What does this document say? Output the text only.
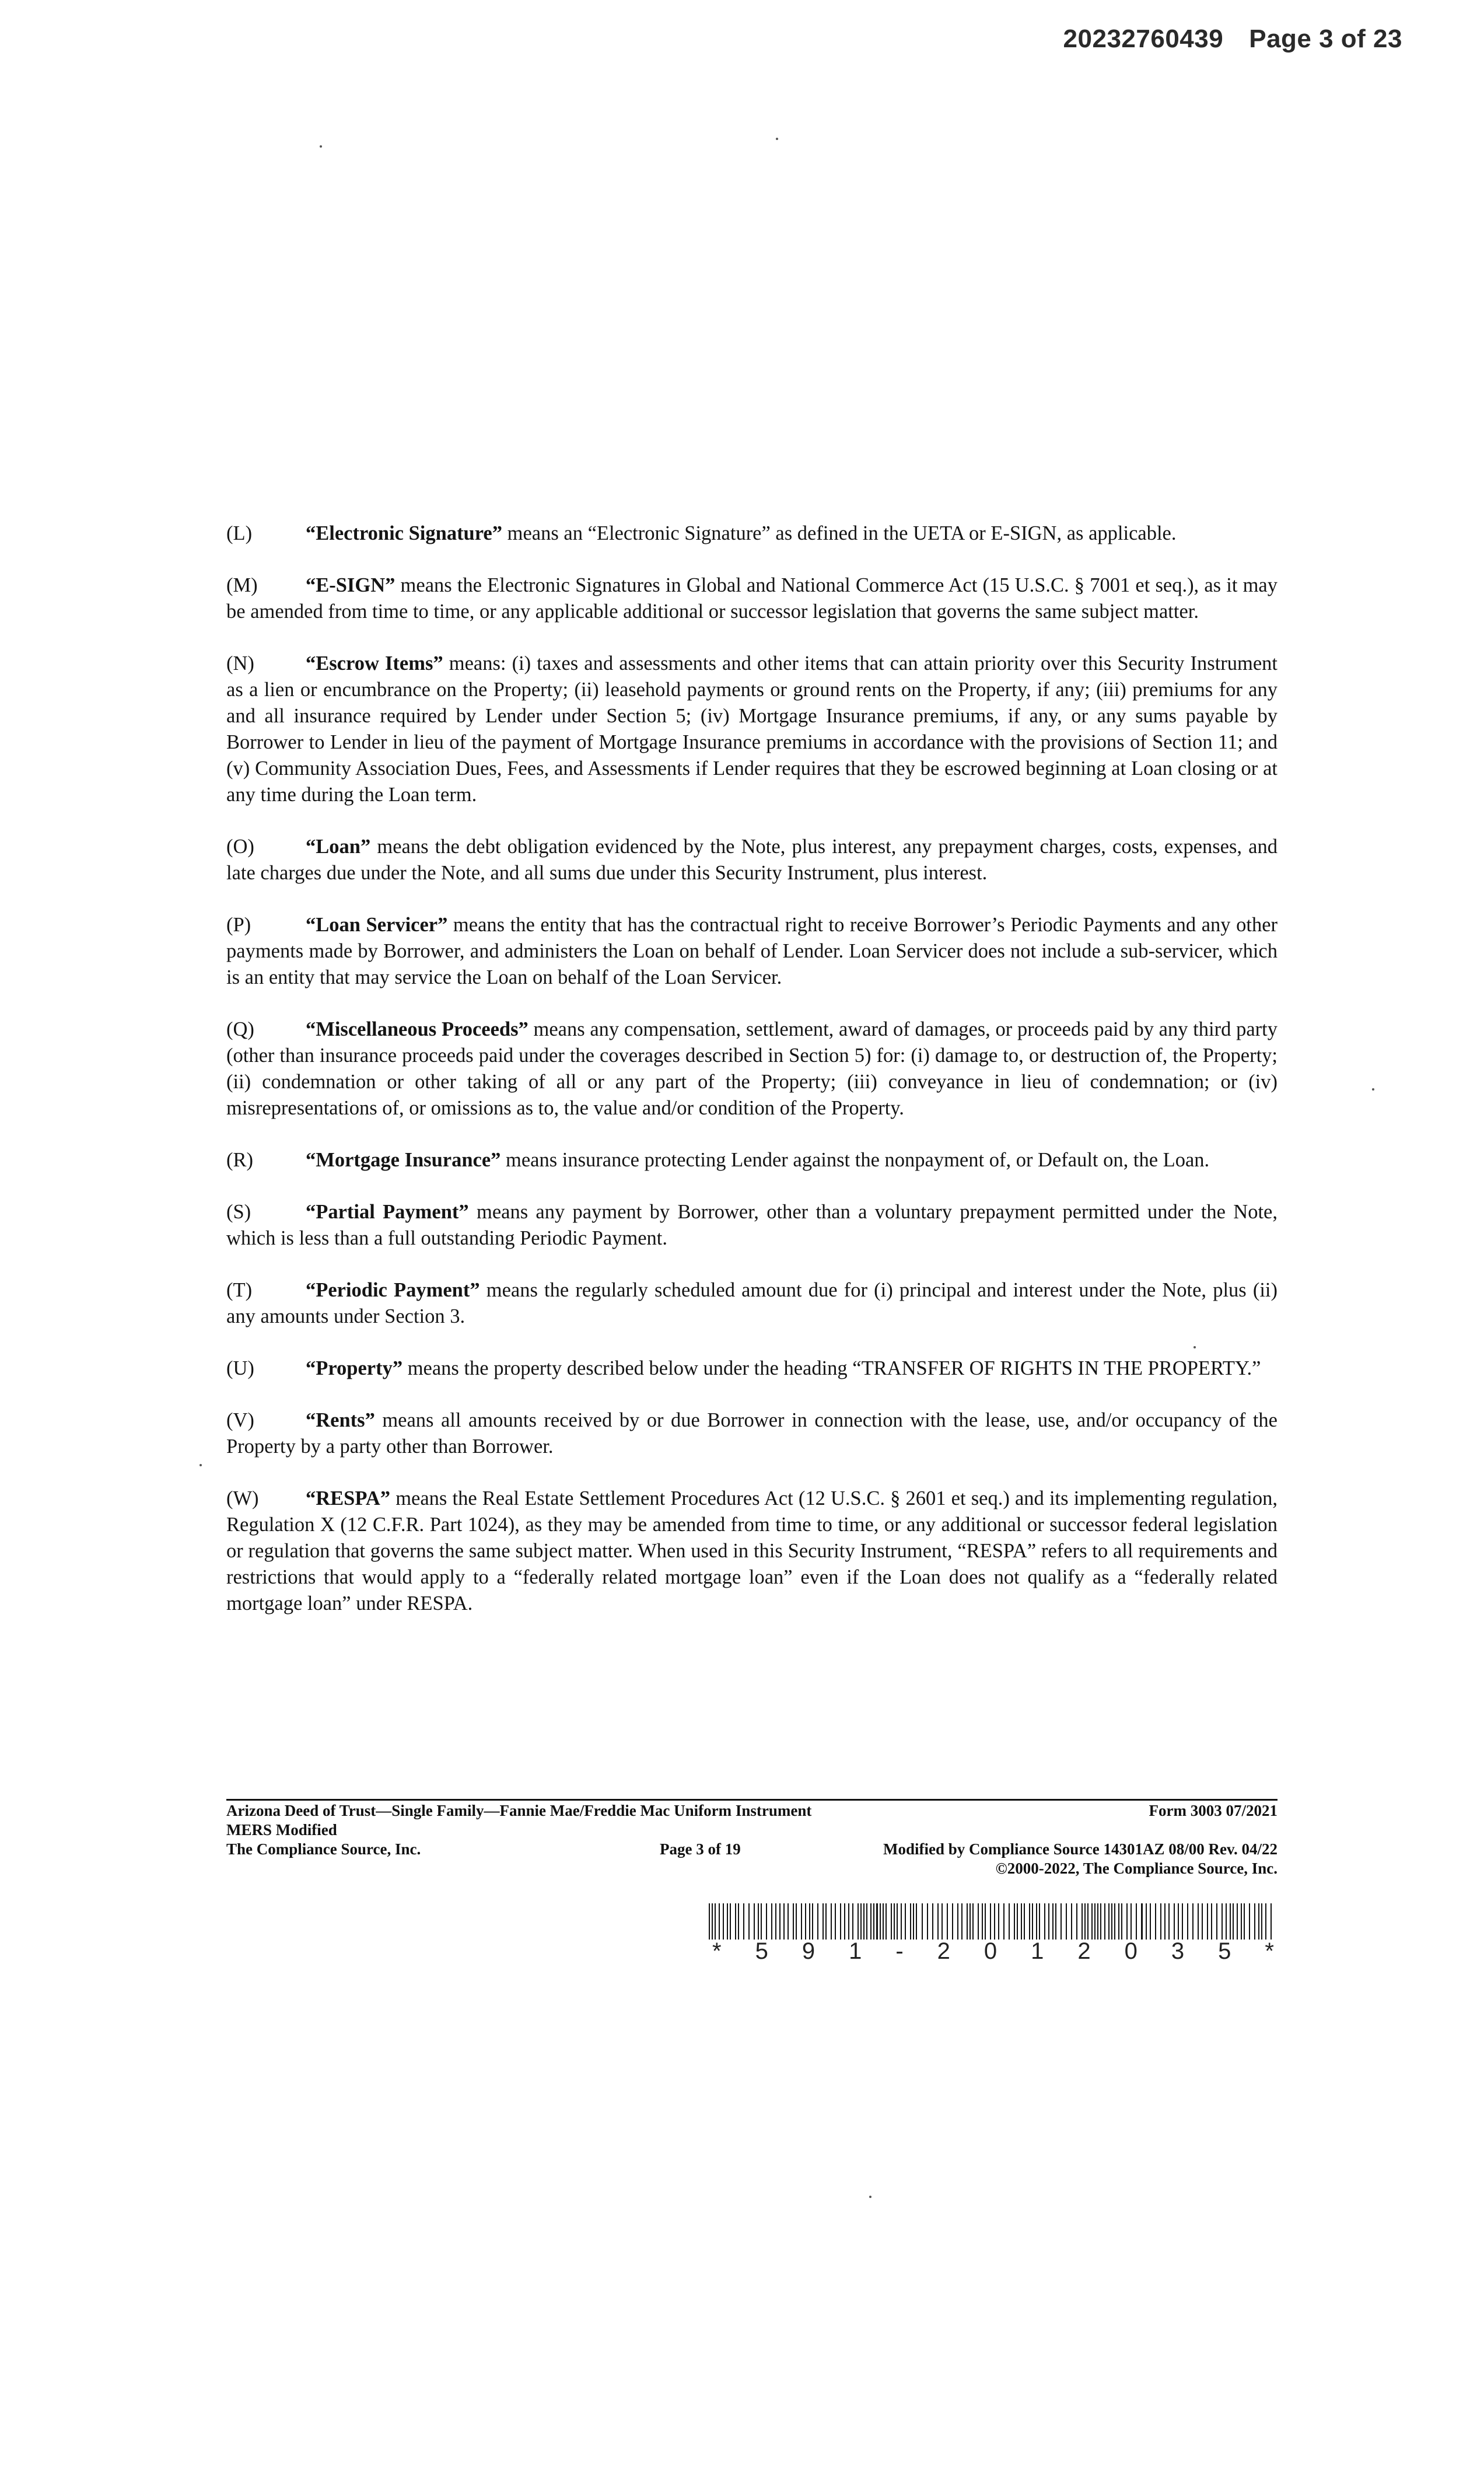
20232760439 Page 3 of 23

(L)	“Electronic Signature” means an “Electronic Signature” as defined in the UETA or E-SIGN, as applicable.

(M) “E-SIGN” means the Electronic Signatures in Global and National Commerce Act (15 U.S.C. § 7001 et seq.), as it may be amended from time to time, or any applicable additional or successor legislation that governs the same subject matter.

(N)	“Escrow Items” means: (i) taxes and assessments and other items that can attain priority over this Security Instrument as a lien or encumbrance on the Property; (ii) leasehold payments or ground rents on the Property, if any; (iii) premiums for any and all insurance required by Lender under Section 5; (iv) Mortgage Insurance premiums, if any, or any sums payable by Borrower to Lender in lieu of the payment of Mortgage Insurance premiums in accordance with the provisions of Section 11; and (v) Community Association Dues, Fees, and Assessments if Lender requires that they be escrowed beginning at Loan closing or at any time during the Loan term.

(O)	“Loan” means the debt obligation evidenced by the Note, plus interest, any prepayment charges, costs, expenses, and late charges due under the Note, and all sums due under this Security Instrument, plus interest.

(P)	“Loan Servicer” means the entity that has the contractual right to receive Borrower’s Periodic Payments and any other payments made by Borrower, and administers the Loan on behalf of Lender. Loan Servicer does not include a sub-servicer, which is an entity that may service the Loan on behalf of the Loan Servicer.

(Q)	“Miscellaneous Proceeds” means any compensation, settlement, award of damages, or proceeds paid by any third party (other than insurance proceeds paid under the coverages described in Section 5) for: (i) damage to, or destruction of, the Property; (ii) condemnation or other taking of all or any part of the Property; (iii) conveyance in lieu of condemnation; or (iv) misrepresentations of, or omissions as to, the value and/or condition of the Property.

(R)	“Mortgage Insurance” means insurance protecting Lender against the nonpayment of, or Default on, the Loan.

(S)	“Partial Payment” means any payment by Borrower, other than a voluntary prepayment permitted under the Note, which is less than a full outstanding Periodic Payment.

(T)	“Periodic Payment” means the regularly scheduled amount due for (i) principal and interest under the Note, plus (ii) any amounts under Section 3.

(U)	“Property” means the property described below under the heading “TRANSFER OF RIGHTS IN THE PROPERTY.”

(V)	“Rents” means all amounts received by or due Borrower in connection with the lease, use, and/or occupancy of the Property by a party other than Borrower.

(W) “RESPA” means the Real Estate Settlement Procedures Act (12 U.S.C. § 2601 et seq.) and its implementing regulation, Regulation X (12 C.F.R. Part 1024), as they may be amended from time to time, or any additional or successor federal legislation or regulation that governs the same subject matter. When used in this Security Instrument, “RESPA” refers to all requirements and restrictions that would apply to a “federally related mortgage loan” even if the Loan does not qualify as a “federally related mortgage loan” under RESPA.

Arizona Deed of Trust—Single Family—Fannie Mae/Freddie Mac Uniform Instrument	Form 3003 07/2021
MERS Modified
The Compliance Source, Inc.	Page 3 of 19	Modified by Compliance Source 14301AZ 08/00 Rev. 04/22
©2000-2022, The Compliance Source, Inc.
* 5 9 1 - 2 0 1 2 0 3 5 *
